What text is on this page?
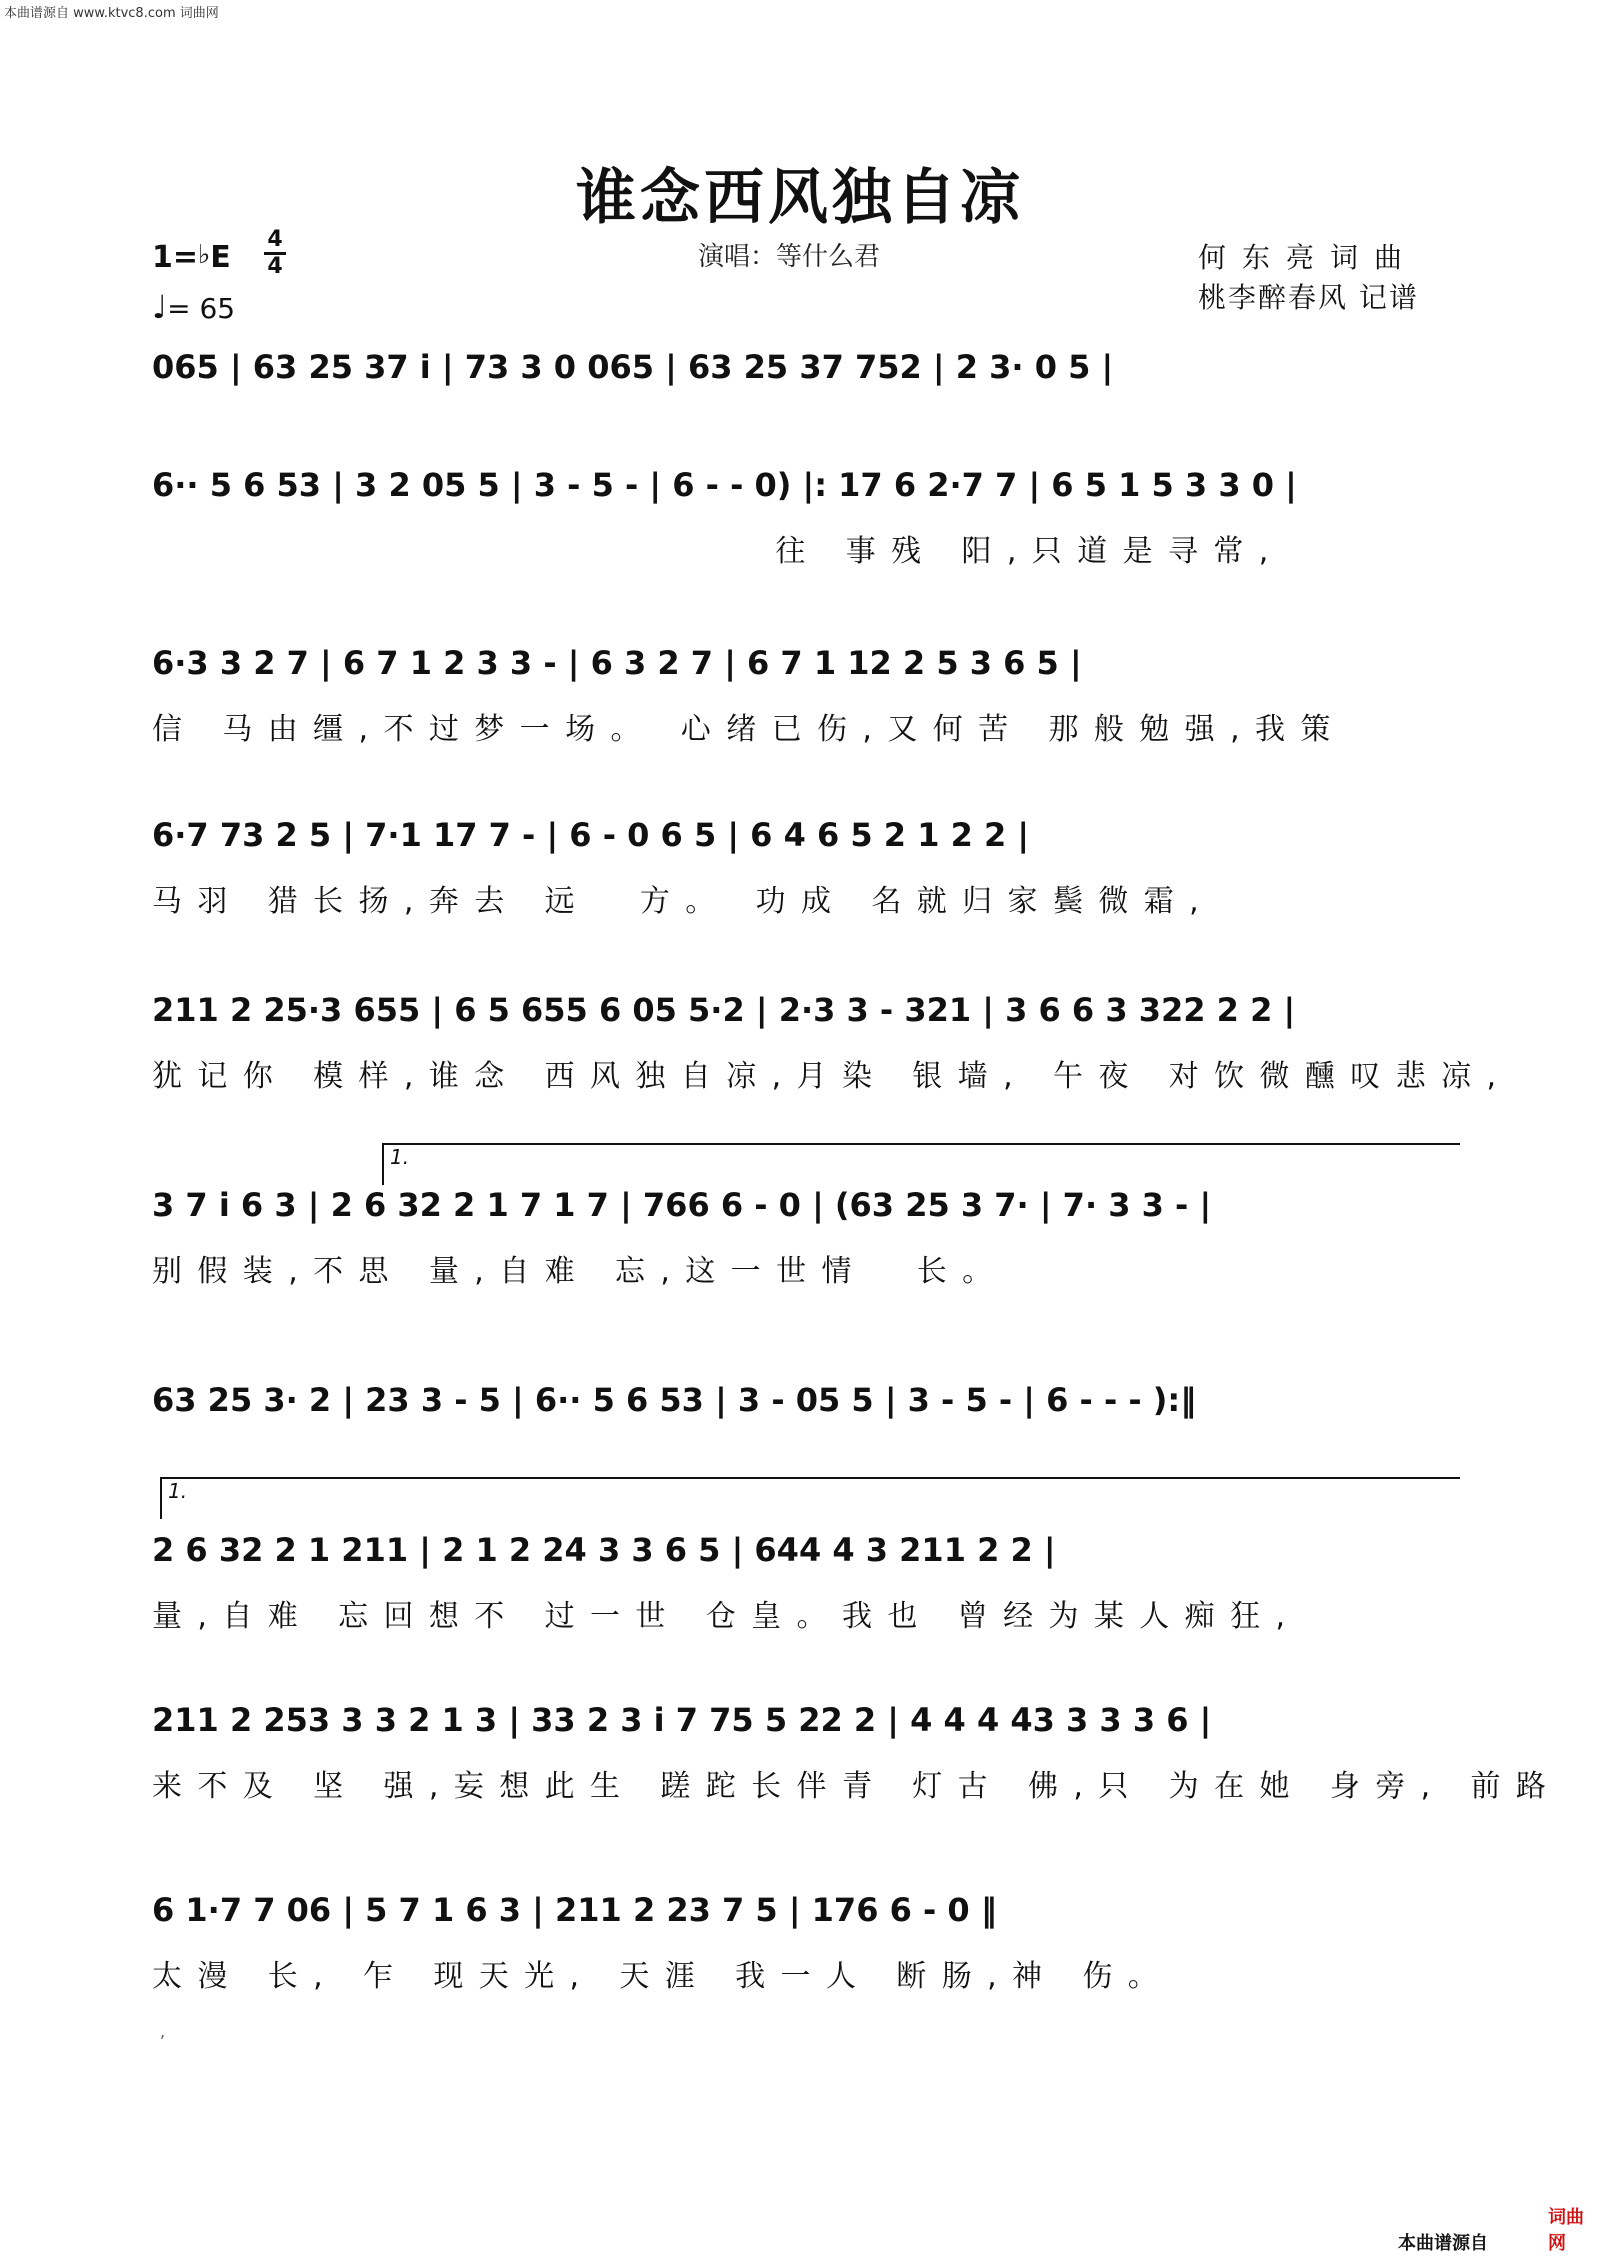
本曲谱源自 www.ktvc8.com 词曲网
谁念西风独自凉
1=♭E
4
4
♩= 65
演唱：等什么君	何东亮词曲
桃李醉春风 记谱
065 | 63 25 37 i | 73 3 0 065 | 63 25 37 752 | 2 3· 0 5 |
6·· 5 6 53 | 3 2 05 5 | 3 - 5 - | 6 - - 0) |: 17 6 2·7 7 | 6 5 1 5 3 3 0 |
往 事残 阳,只道是寻常,
6·3 3 2 7 | 6 7 1 2 3 3 - | 6 3 2 7 | 6 7 1 12 2 5 3 6 5 |
信 马由缰,不过梦一场。 心绪已伤,又何苦 那般勉强,我策
6·7 73 2 5 | 7·1 17 7 - | 6 - 0 6 5 | 6 4 6 5 2 1 2 2 |
马羽 猎长扬,奔去 远  方。 功成 名就归家鬓微霜,
211 2 25·3 655 | 6 5 655 6 05 5·2 | 2·3 3 - 321 | 3 6 6 3 322 2 2 |
犹记你 模样,谁念 西风独自凉,月染 银墙, 午夜 对饮微醺叹悲凉,
3 7 i 6 3 | 2 6 32 2 1 7 1 7 | 766 6 - 0 | (63 25 3 7· | 7· 3 3 - |
别假装,不思 量,自难 忘,这一世情  长。
63 25 3· 2 | 23 3 - 5 | 6·· 5 6 53 | 3 - 05 5 | 3 - 5 - | 6 - - - ):‖
2 6 32 2 1 211 | 2 1 2 24 3 3 6 5 | 644 4 3 211 2 2 |
量,自难 忘回想不 过一世 仓皇。我也 曾经为某人痴狂,
211 2 253 3 3 2 1 3 | 33 2 3 i 7 75 5 22 2 | 4 4 4 43 3 3 3 6 |
来不及 坚 强,妄想此生 蹉跎长伴青 灯古 佛,只 为在她 身旁, 前路
6 1·7 7 06 | 5 7 1 6 3 | 211 2 23 7 5 | 176 6 - 0 ‖
太漫 长, 乍 现天光, 天涯 我一人 断肠,神 伤。
1.
1.
,
本曲谱源自
词曲网
